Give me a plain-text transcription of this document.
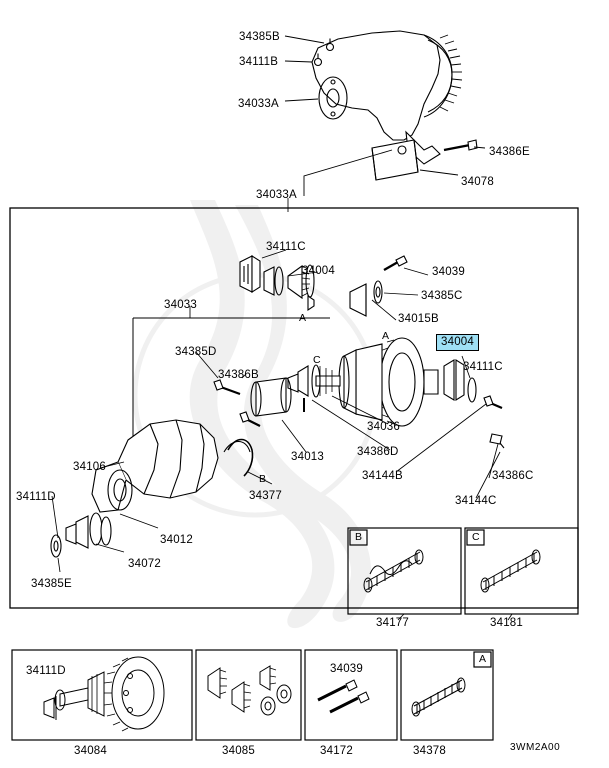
34385B
34111B
34033A
34386E
34078
34033A
34111C
34004	34039
34385C
34033
34015B
A
A
34385D
34004
34111C
34386B
C
34036
34386D
34144B	34386C
34144C
34013
B
34377
34106
34111D
34012
34072
34385E
B
34177
C
34181
34111D
34084	34085
34039
34172
A
34378	3WM2A00
